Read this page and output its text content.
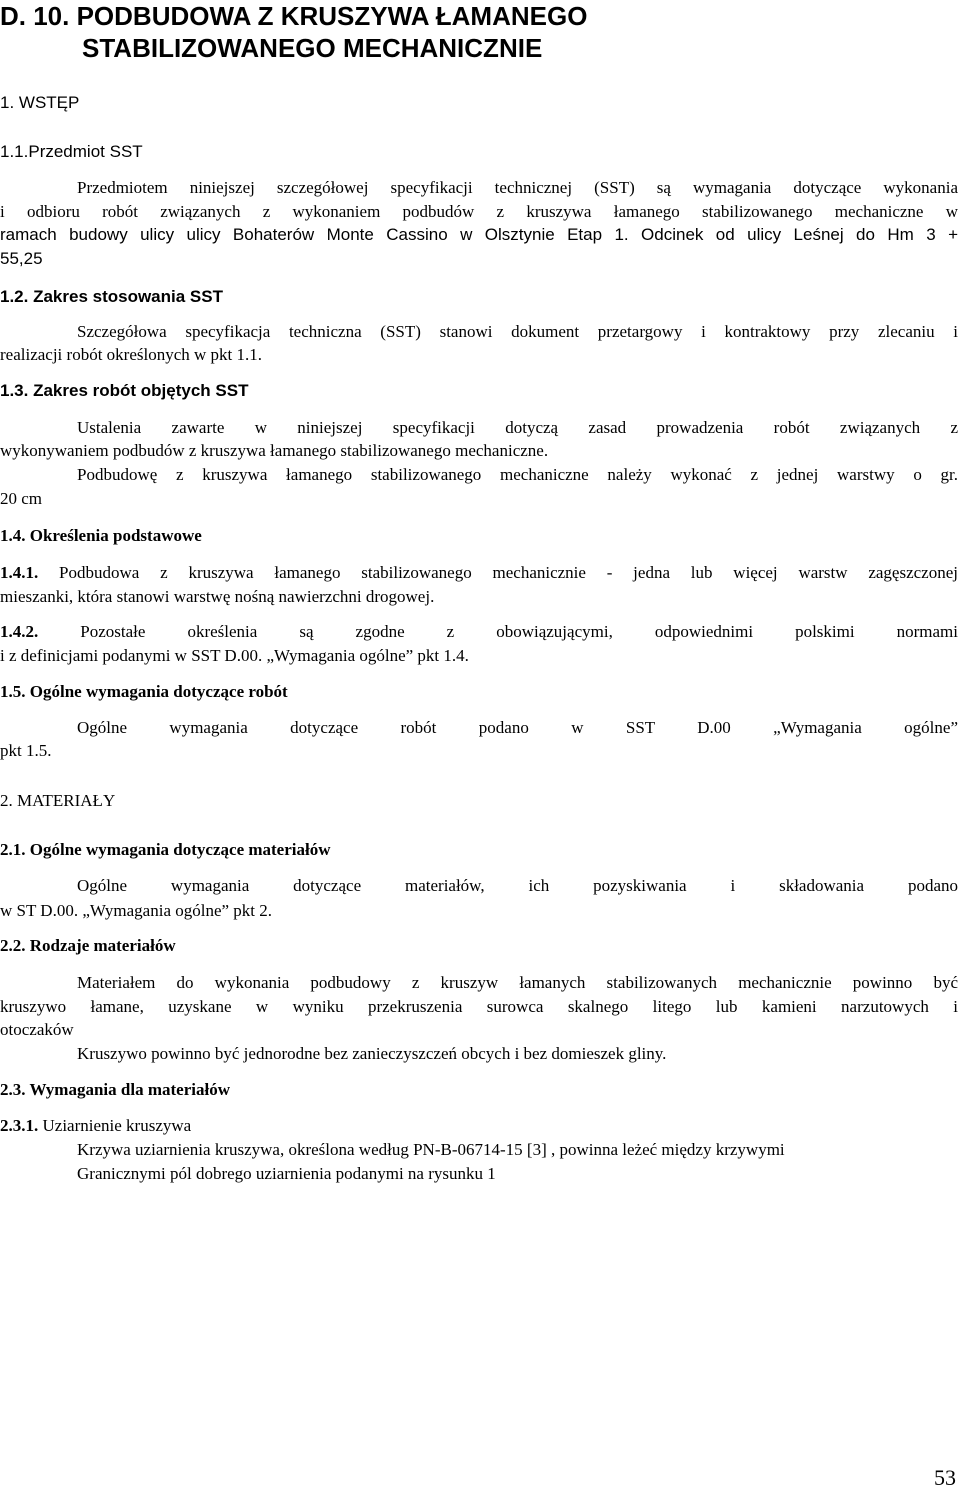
D. 10. PODBUDOWA Z KRUSZYWA ŁAMANEGO
STABILIZOWANEGO MECHANICZNIE
1. WSTĘP
1.1.Przedmiot SST
Przedmiotem niniejszej szczegółowej specyfikacji technicznej (SST) są wymagania dotyczące wykonania
i odbioru robót związanych z wykonaniem podbudów z kruszywa łamanego stabilizowanego mechaniczne w
ramach budowy ulicy ulicy Bohaterów Monte Cassino w Olsztynie Etap 1. Odcinek od ulicy Leśnej do Hm 3 +
55,25
1.2. Zakres stosowania SST
Szczegółowa specyfikacja techniczna (SST) stanowi dokument przetargowy i kontraktowy przy zlecaniu i
realizacji robót określonych w pkt 1.1.
1.3. Zakres robót objętych SST
Ustalenia zawarte w niniejszej specyfikacji dotyczą zasad prowadzenia robót związanych z
wykonywaniem podbudów z kruszywa łamanego stabilizowanego mechaniczne.
Podbudowę z kruszywa łamanego stabilizowanego mechaniczne należy wykonać z jednej warstwy o gr.
20 cm
1.4. Określenia podstawowe
1.4.1. Podbudowa z kruszywa łamanego stabilizowanego mechanicznie - jedna lub więcej warstw zagęszczonej
mieszanki, która stanowi warstwę nośną nawierzchni drogowej.
1.4.2. Pozostałe określenia są zgodne z obowiązującymi, odpowiednimi polskimi normami
i z definicjami podanymi w SST D.00. „Wymagania ogólne” pkt 1.4.
1.5. Ogólne wymagania dotyczące robót
Ogólne wymagania dotyczące robót podano w SST D.00 „Wymagania ogólne”
pkt 1.5.
2. MATERIAŁY
2.1. Ogólne wymagania dotyczące materiałów
Ogólne wymagania dotyczące materiałów, ich pozyskiwania i składowania podano
w ST D.00. „Wymagania ogólne” pkt 2.
2.2. Rodzaje materiałów
Materiałem do wykonania podbudowy z kruszyw łamanych stabilizowanych mechanicznie powinno być
kruszywo łamane, uzyskane w wyniku przekruszenia surowca skalnego litego lub kamieni narzutowych i
otoczaków
Kruszywo powinno być jednorodne bez zanieczyszczeń obcych i bez domieszek gliny.
2.3. Wymagania dla materiałów
2.3.1. Uziarnienie kruszywa
Krzywa uziarnienia kruszywa, określona według PN-B-06714-15 [3] , powinna leżeć między krzywymi
Granicznymi pól dobrego uziarnienia podanymi na rysunku 1
53
